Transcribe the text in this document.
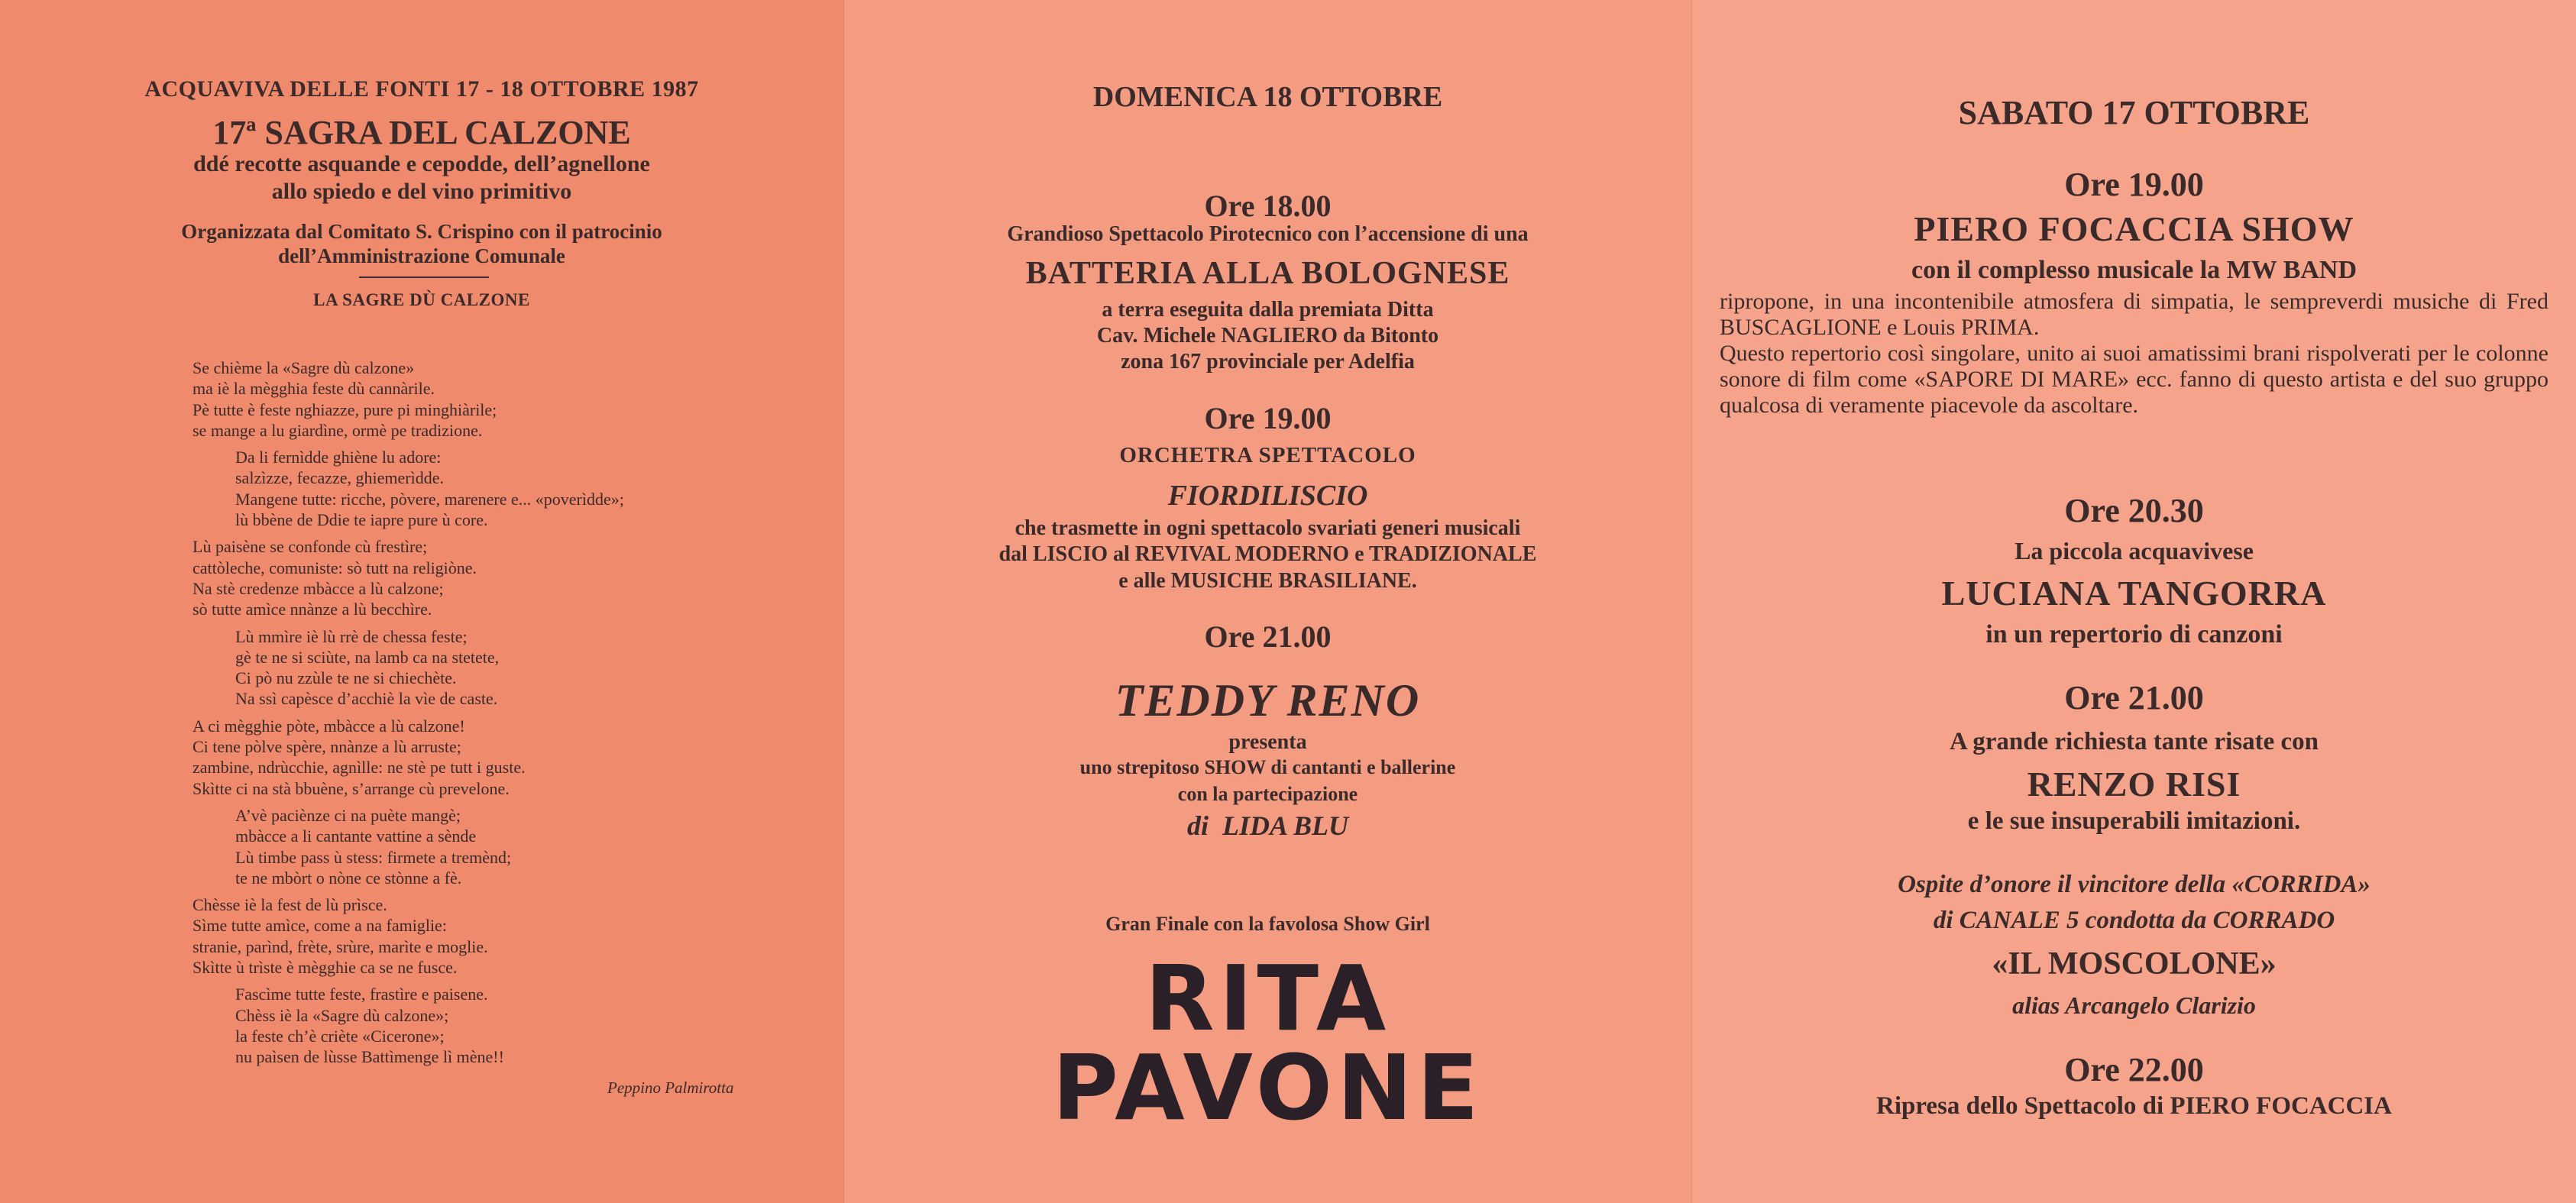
ACQUAVIVA DELLE FONTI 17 - 18 OTTOBRE 1987
17ª SAGRA DEL CALZONE
ddé recotte asquande e cepodde, dell’agnellone
allo spiedo e del vino primitivo
Organizzata dal Comitato S. Crispino con il patrocinio
dell’Amministrazione Comunale
LA SAGRE DÙ CALZONE

Se chième la «Sagre dù calzone»

ma iè la mègghia feste dù cannàrile.

Pè tutte è feste nghiazze, pure pi minghiàrile;

se mange a lu giardìne, ormè pe tradizione.

Da li fernìdde ghiène lu adore:

salzìzze, fecazze, ghiemerìdde.

Mangene tutte: ricche, pòvere, marenere e... «poverìdde»;

lù bbène de Ddie te iapre pure ù core.

Lù paisène se confonde cù frestìre;

cattòleche, comuniste: sò tutt na religiòne.

Na stè credenze mbàcce a lù calzone;

sò tutte amìce nnànze a lù becchìre.

Lù mmìre iè lù rrè de chessa feste;

gè te ne si sciùte, na lamb ca na stetete,

Ci pò nu zzùle te ne si chiechète.

Na ssì capèsce d’acchiè la vìe de caste.

A ci mègghie pòte, mbàcce a lù calzone!

Ci tene pòlve spère, nnànze a lù arruste;

zambine, ndrùcchie, agnìlle: ne stè pe tutt i guste.

Skìtte ci na stà bbuène, s’arrange cù prevelone.

A’vè paciènze ci na puète mangè;

mbàcce a li cantante vattine a sènde

Lù timbe pass ù stess: firmete a tremènd;

te ne mbòrt o nòne ce stònne a fè.

Chèsse iè la fest de lù prìsce.

Sìme tutte amìce, come a na famiglie:

stranie, parìnd, frète, srùre, marìte e moglie.

Skìtte ù trìste è mègghie ca se ne fusce.

Fascìme tutte feste, frastìre e paisene.

Chèss iè la «Sagre dù calzone»;

la feste ch’è criète «Cicerone»;

nu paìsen de lùsse Battìmenge lì mène!!

Peppino Palmirotta
DOMENICA 18 OTTOBRE
Ore 18.00
Grandioso Spettacolo Pirotecnico con l’accensione di una
BATTERIA ALLA BOLOGNESE
a terra eseguita dalla premiata Ditta
Cav. Michele NAGLIERO da Bitonto
zona 167 provinciale per Adelfia
Ore 19.00
ORCHETRA SPETTACOLO
FIORDILISCIO
che trasmette in ogni spettacolo svariati generi musicali
dal LISCIO al REVIVAL MODERNO e TRADIZIONALE
e alle MUSICHE BRASILIANE.
Ore 21.00
TEDDY RENO
presenta
uno strepitoso SHOW di cantanti e ballerine
con la partecipazione
di  LIDA BLU
Gran Finale con la favolosa Show Girl
RITA
PAVONE
SABATO 17 OTTOBRE
Ore 19.00
PIERO FOCACCIA SHOW
con il complesso musicale la MW BAND

ripropone, in una incontenibile atmosfera di simpatia, le sempreverdi musiche di Fred BUSCAGLIONE e Louis PRIMA.

Questo repertorio così singolare, unito ai suoi amatissimi brani rispolverati per le colonne sonore di film come «SAPORE DI MARE» ecc. fanno di questo artista e del suo gruppo qualcosa di veramente piacevole da ascoltare.

Ore 20.30
La piccola acquavivese
LUCIANA TANGORRA
in un repertorio di canzoni
Ore 21.00
A grande richiesta tante risate con
RENZO RISI
e le sue insuperabili imitazioni.
Ospite d’onore il vincitore della «CORRIDA»
di CANALE 5 condotta da CORRADO
«IL MOSCOLONE»
alias Arcangelo Clarizio
Ore 22.00
Ripresa dello Spettacolo di PIERO FOCACCIA
